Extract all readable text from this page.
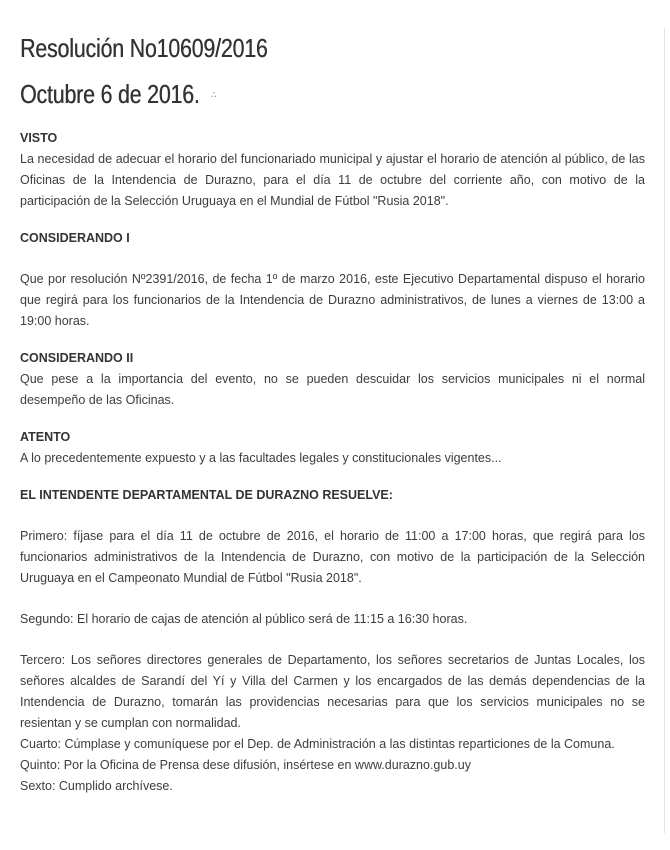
Resolución No10609/2016
Octubre 6 de 2016. ∴
VISTO

La necesidad de adecuar el horario del funcionariado municipal y ajustar el horario de atención al público, de las Oficinas de la Intendencia de Durazno, para el día 11 de octubre del corriente año, con motivo de la participación de la Selección Uruguaya en el Mundial de Fútbol "Rusia 2018".

CONSIDERANDO I

Que por resolución Nº2391/2016, de fecha 1º de marzo 2016, este Ejecutivo Departamental dispuso el horario que regirá para los funcionarios de la Intendencia de Durazno administrativos, de lunes a viernes de 13:00 a 19:00 horas.

CONSIDERANDO II

Que pese a la importancia del evento, no se pueden descuidar los servicios municipales ni el normal desempeño de las Oficinas.

ATENTO

A lo precedentemente expuesto y a las facultades legales y constitucionales vigentes...

EL INTENDENTE DEPARTAMENTAL DE DURAZNO RESUELVE:

Primero: fíjase para el día 11 de octubre de 2016, el horario de 11:00 a 17:00 horas, que regirá para los funcionarios administrativos de la Intendencia de Durazno, con motivo de la participación de la Selección Uruguaya en el Campeonato Mundial de Fútbol "Rusia 2018".

Segundo: El horario de cajas de atención al público será de 11:15 a 16:30 horas.

Tercero: Los señores directores generales de Departamento, los señores secretarios de Juntas Locales, los señores alcaldes de Sarandí del Yí y Villa del Carmen y los encargados de las demás dependencias de la Intendencia de Durazno, tomarán las providencias necesarias para que los servicios municipales no se resientan y se cumplan con normalidad.

Cuarto: Cúmplase y comuníquese por el Dep. de Administración a las distintas reparticiones de la Comuna.

Quinto: Por la Oficina de Prensa dese difusión, insértese en www.durazno.gub.uy

Sexto: Cumplido archívese.
